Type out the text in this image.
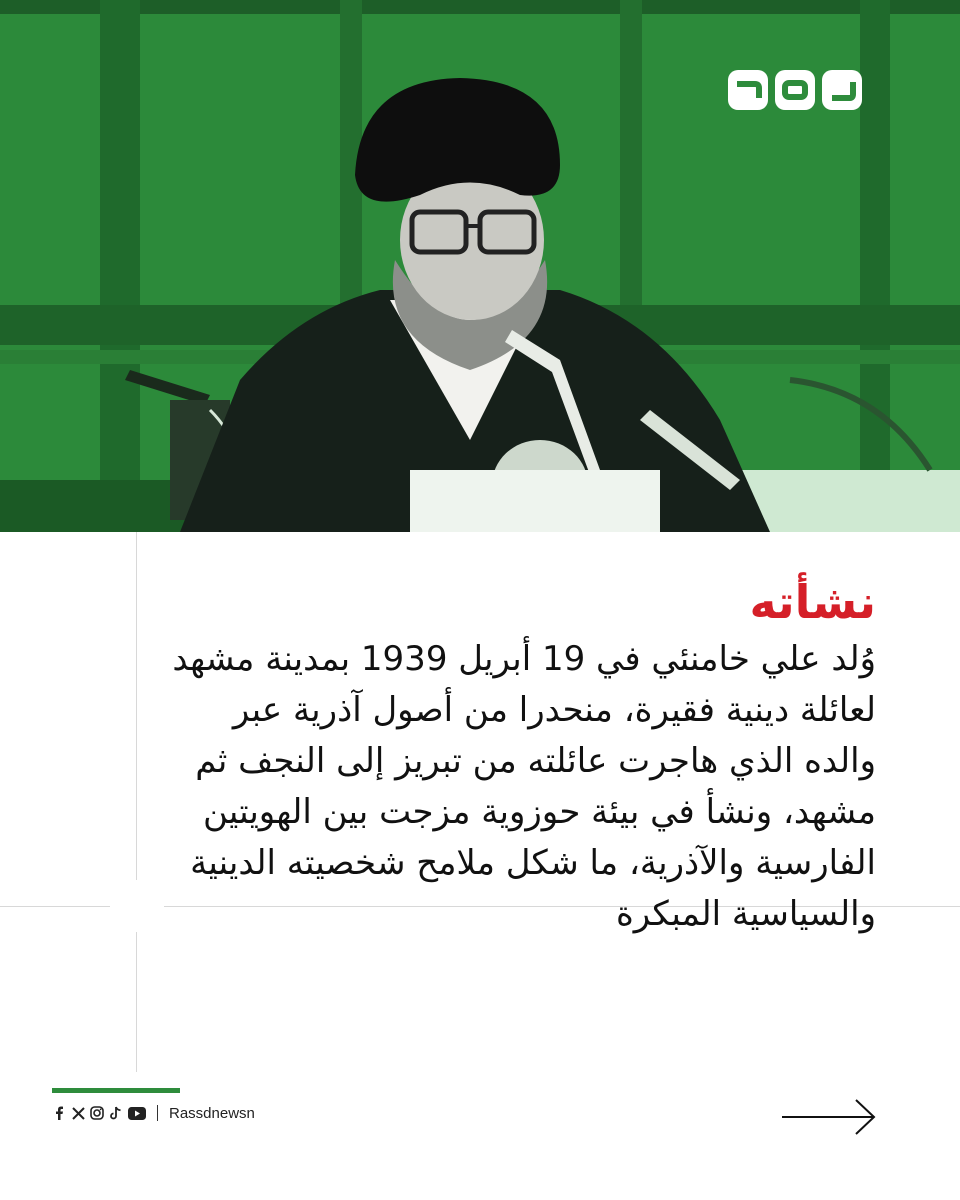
نشأته

وُلد علي خامنئي في 19 أبريل 1939 بمدينة مشهد لعائلة دينية فقيرة، منحدرا من أصول آذرية عبر والده الذي هاجرت عائلته من تبريز إلى النجف ثم مشهد، ونشأ في بيئة حوزوية مزجت بين الهويتين الفارسية والآذرية، ما شكل ملامح شخصيته الدينية والسياسية المبكرة

Rassdnewsn
